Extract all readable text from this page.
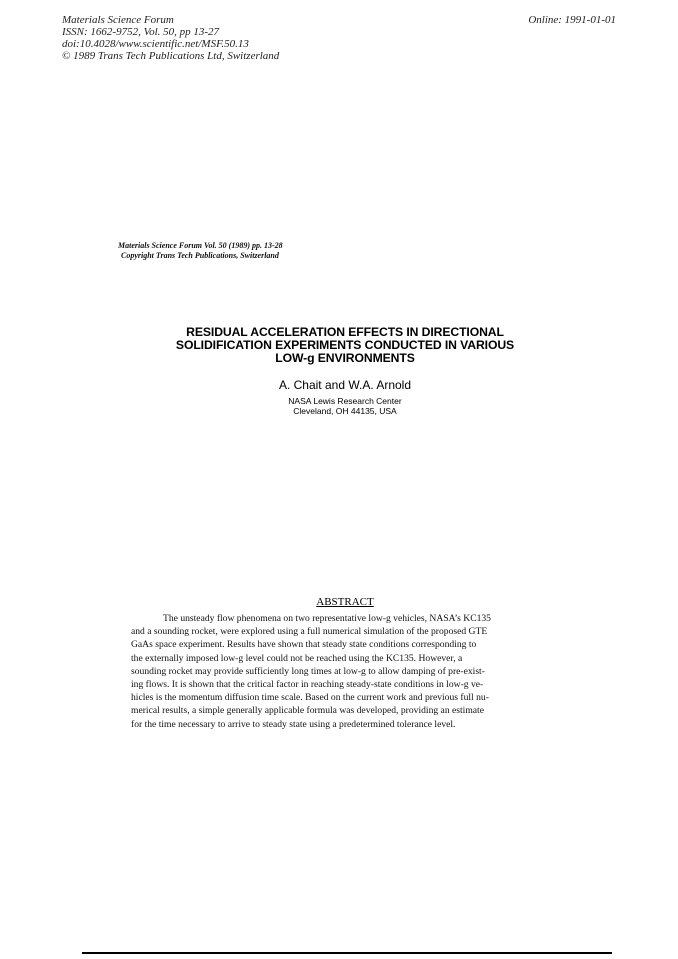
Materials Science Forum
ISSN: 1662-9752, Vol. 50, pp 13-27
doi:10.4028/www.scientific.net/MSF.50.13
© 1989 Trans Tech Publications Ltd, Switzerland
Online: 1991-01-01
Materials Science Forum Vol. 50 (1989) pp. 13-28
Copyright Trans Tech Publications, Switzerland
RESIDUAL ACCELERATION EFFECTS IN DIRECTIONAL
SOLIDIFICATION EXPERIMENTS CONDUCTED IN VARIOUS
LOW-g ENVIRONMENTS
A. Chait and W.A. Arnold
NASA Lewis Research Center
Cleveland, OH 44135, USA
ABSTRACT
The unsteady flow phenomena on two representative low-g vehicles, NASA’s KC135
and a sounding rocket, were explored using a full numerical simulation of the proposed GTE
GaAs space experiment. Results have shown that steady state conditions corresponding to
the externally imposed low-g level could not be reached using the KC135. However, a
sounding rocket may provide sufficiently long times at low-g to allow damping of pre-exist-
ing flows. It is shown that the critical factor in reaching steady-state conditions in low-g ve-
hicles is the momentum diffusion time scale. Based on the current work and previous full nu-
merical results, a simple generally applicable formula was developed, providing an estimate
for the time necessary to arrive to steady state using a predetermined tolerance level.
